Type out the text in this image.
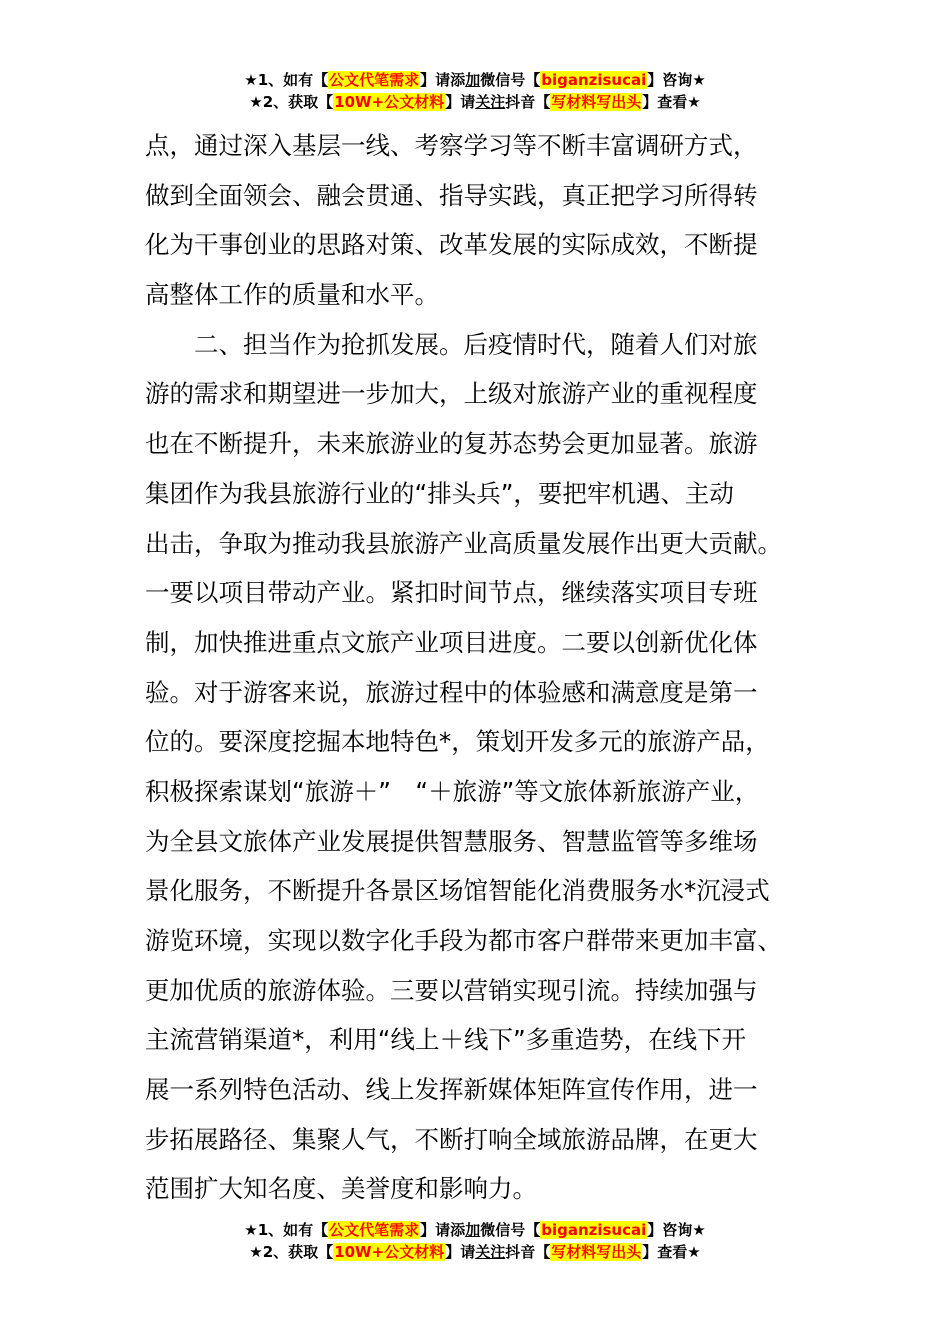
★1、如有【公文代笔需求】请添加微信号【biganzisucai】咨询★
★2、获取【10W+公文材料】请关注抖音【写材料写出头】查看★
点，通过深入基层一线、考察学习等不断丰富调研方式，
做到全面领会、融会贯通、指导实践，真正把学习所得转
化为干事创业的思路对策、改革发展的实际成效，不断提
高整体工作的质量和水平。
　　二、担当作为抢抓发展。后疫情时代，随着人们对旅
游的需求和期望进一步加大，上级对旅游产业的重视程度
也在不断提升，未来旅游业的复苏态势会更加显著。旅游
集团作为我县旅游行业的“排头兵”，要把牢机遇、主动
出击，争取为推动我县旅游产业高质量发展作出更大贡献。
一要以项目带动产业。紧扣时间节点，继续落实项目专班
制，加快推进重点文旅产业项目进度。二要以创新优化体
验。对于游客来说，旅游过程中的体验感和满意度是第一
位的。要深度挖掘本地特色*，策划开发多元的旅游产品，
积极探索谋划“旅游＋”　“＋旅游”等文旅体新旅游产业，
为全县文旅体产业发展提供智慧服务、智慧监管等多维场
景化服务，不断提升各景区场馆智能化消费服务水*沉浸式
游览环境，实现以数字化手段为都市客户群带来更加丰富、
更加优质的旅游体验。三要以营销实现引流。持续加强与
主流营销渠道*，利用“线上＋线下”多重造势，在线下开
展一系列特色活动、线上发挥新媒体矩阵宣传作用，进一
步拓展路径、集聚人气，不断打响全域旅游品牌，在更大
范围扩大知名度、美誉度和影响力。
★1、如有【公文代笔需求】请添加微信号【biganzisucai】咨询★
★2、获取【10W+公文材料】请关注抖音【写材料写出头】查看★
